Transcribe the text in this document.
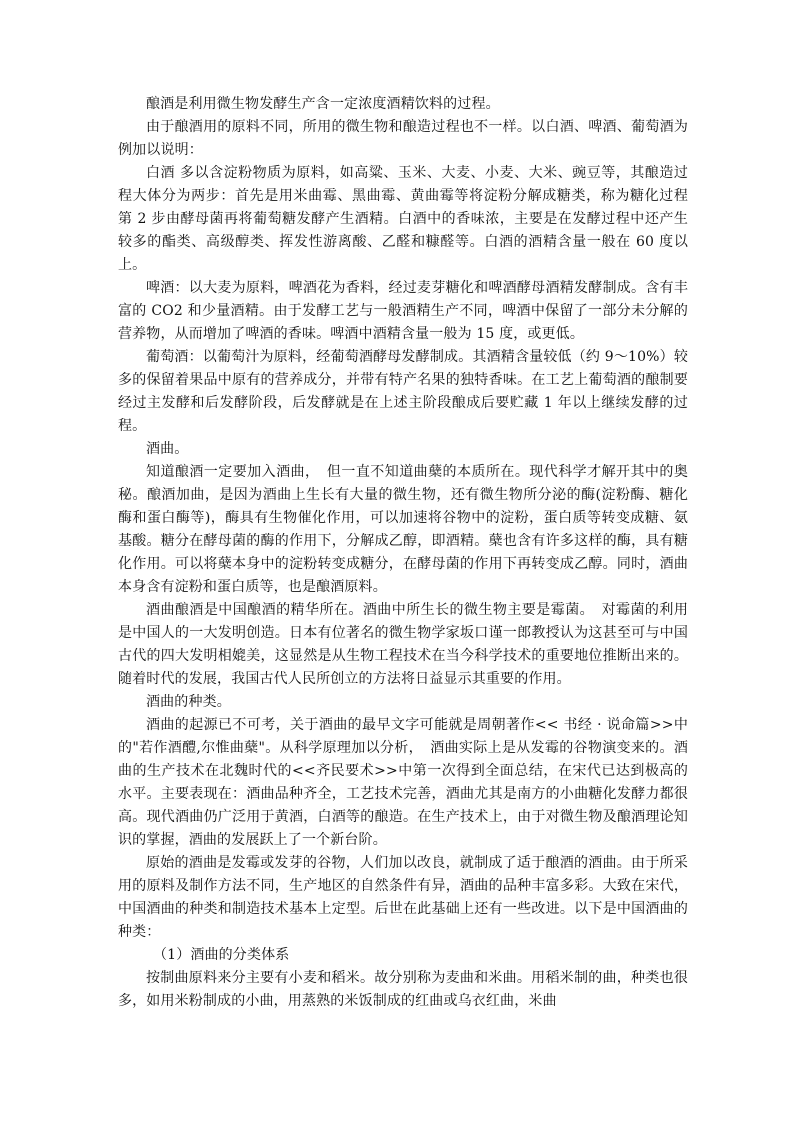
酿酒是利用微生物发酵生产含一定浓度酒精饮料的过程。

由于酿酒用的原料不同，所用的微生物和酿造过程也不一样。以白酒、啤酒、葡萄酒为例加以说明：

白酒 多以含淀粉物质为原料，如高粱、玉米、大麦、小麦、大米、豌豆等，其酿造过程大体分为两步：首先是用米曲霉、黑曲霉、黄曲霉等将淀粉分解成糖类，称为糖化过程 第 2 步由酵母菌再将葡萄糖发酵产生酒精。白酒中的香味浓，主要是在发酵过程中还产生较多的酯类、高级醇类、挥发性游离酸、乙醛和糠醛等。白酒的酒精含量一般在 60 度以上。

啤酒：以大麦为原料，啤酒花为香料，经过麦芽糖化和啤酒酵母酒精发酵制成。含有丰富的 CO2 和少量酒精。由于发酵工艺与一般酒精生产不同，啤酒中保留了一部分未分解的营养物，从而增加了啤酒的香味。啤酒中酒精含量一般为 15 度，或更低。

葡萄酒：以葡萄汁为原料，经葡萄酒酵母发酵制成。其酒精含量较低（约 9～10%）较多的保留着果品中原有的营养成分，并带有特产名果的独特香味。在工艺上葡萄酒的酿制要经过主发酵和后发酵阶段，后发酵就是在上述主阶段酿成后要贮藏 1 年以上继续发酵的过程。

酒曲。

知道酿酒一定要加入酒曲，　但一直不知道曲蘖的本质所在。现代科学才解开其中的奥秘。酿酒加曲，是因为酒曲上生长有大量的微生物，还有微生物所分泌的酶(淀粉酶、糖化酶和蛋白酶等)，酶具有生物催化作用，可以加速将谷物中的淀粉，蛋白质等转变成糖、氨基酸。糖分在酵母菌的酶的作用下，分解成乙醇，即酒精。蘖也含有许多这样的酶，具有糖化作用。可以将蘖本身中的淀粉转变成糖分，在酵母菌的作用下再转变成乙醇。同时，酒曲本身含有淀粉和蛋白质等，也是酿酒原料。

酒曲酿酒是中国酿酒的精华所在。酒曲中所生长的微生物主要是霉菌。　对霉菌的利用是中国人的一大发明创造。日本有位著名的微生物学家坂口谨一郎教授认为这甚至可与中国古代的四大发明相媲美，这显然是从生物工程技术在当今科学技术的重要地位推断出来的。随着时代的发展，我国古代人民所创立的方法将日益显示其重要的作用。

酒曲的种类。

酒曲的起源已不可考，关于酒曲的最早文字可能就是周朝著作<< 书经 · 说命篇>>中的"若作酒醴,尔惟曲蘖"。从科学原理加以分析，　酒曲实际上是从发霉的谷物演变来的。酒曲的生产技术在北魏时代的<<齐民要术>>中第一次得到全面总结，在宋代已达到极高的水平。主要表现在：酒曲品种齐全，工艺技术完善，酒曲尤其是南方的小曲糖化发酵力都很高。现代酒曲仍广泛用于黄酒，白酒等的酿造。在生产技术上，由于对微生物及酿酒理论知识的掌握，酒曲的发展跃上了一个新台阶。

原始的酒曲是发霉或发芽的谷物，人们加以改良，就制成了适于酿酒的酒曲。由于所采用的原料及制作方法不同，生产地区的自然条件有异，酒曲的品种丰富多彩。大致在宋代，中国酒曲的种类和制造技术基本上定型。后世在此基础上还有一些改进。以下是中国酒曲的种类：

（1）酒曲的分类体系

按制曲原料来分主要有小麦和稻米。故分别称为麦曲和米曲。用稻米制的曲，种类也很多，如用米粉制成的小曲，用蒸熟的米饭制成的红曲或乌衣红曲，米曲
